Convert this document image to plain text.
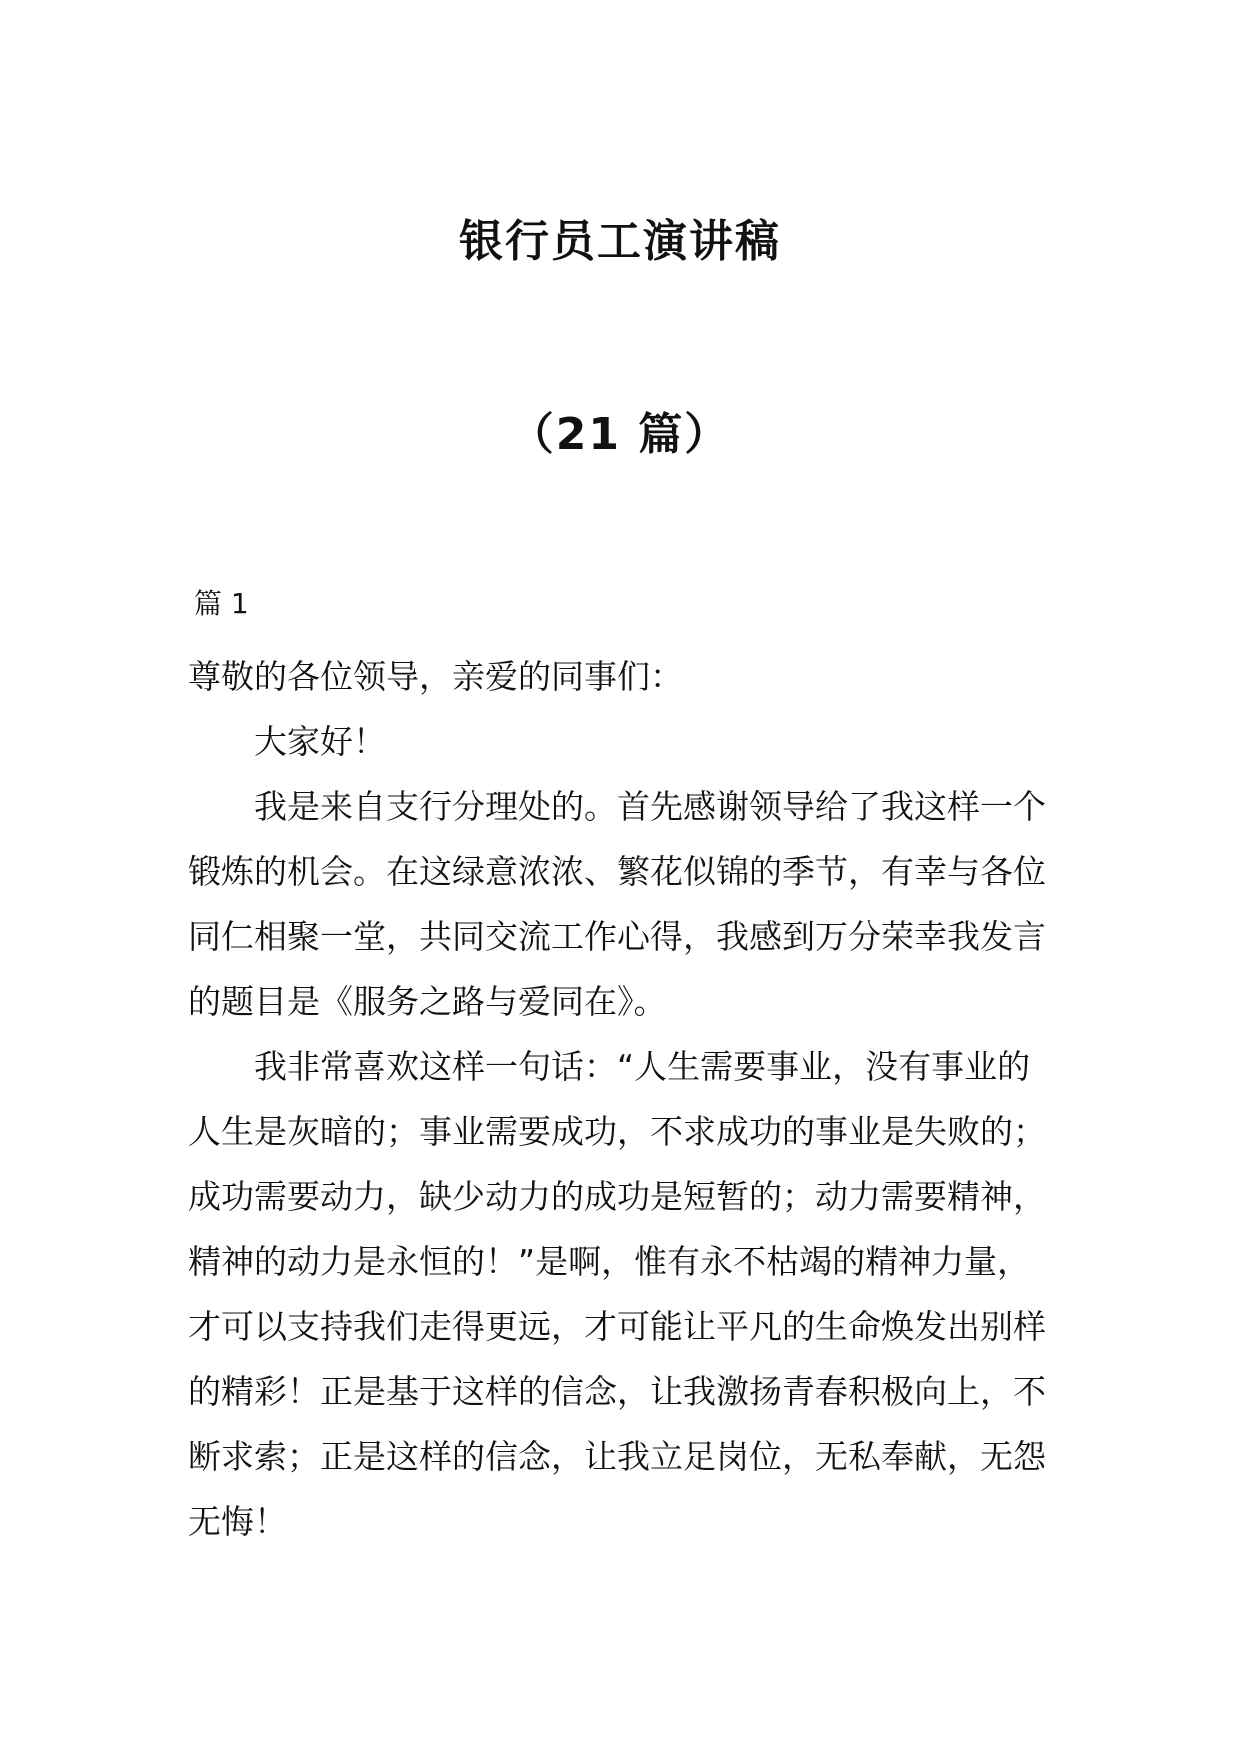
银行员工演讲稿
（21 篇）

篇 1

尊敬的各位领导，亲爱的同事们：

大家好！

我是来自支行分理处的。首先感谢领导给了我这样一个锻炼的机会。在这绿意浓浓、繁花似锦的季节，有幸与各位同仁相聚一堂，共同交流工作心得，我感到万分荣幸我发言的题目是《服务之路与爱同在》。

我非常喜欢这样一句话：“人生需要事业，没有事业的人生是灰暗的；事业需要成功，不求成功的事业是失败的；成功需要动力，缺少动力的成功是短暂的；动力需要精神，精神的动力是永恒的！”是啊，惟有永不枯竭的精神力量，才可以支持我们走得更远，才可能让平凡的生命焕发出别样的精彩！正是基于这样的信念，让我激扬青春积极向上，不断求索；正是这样的信念，让我立足岗位，无私奉献，无怨无悔！
